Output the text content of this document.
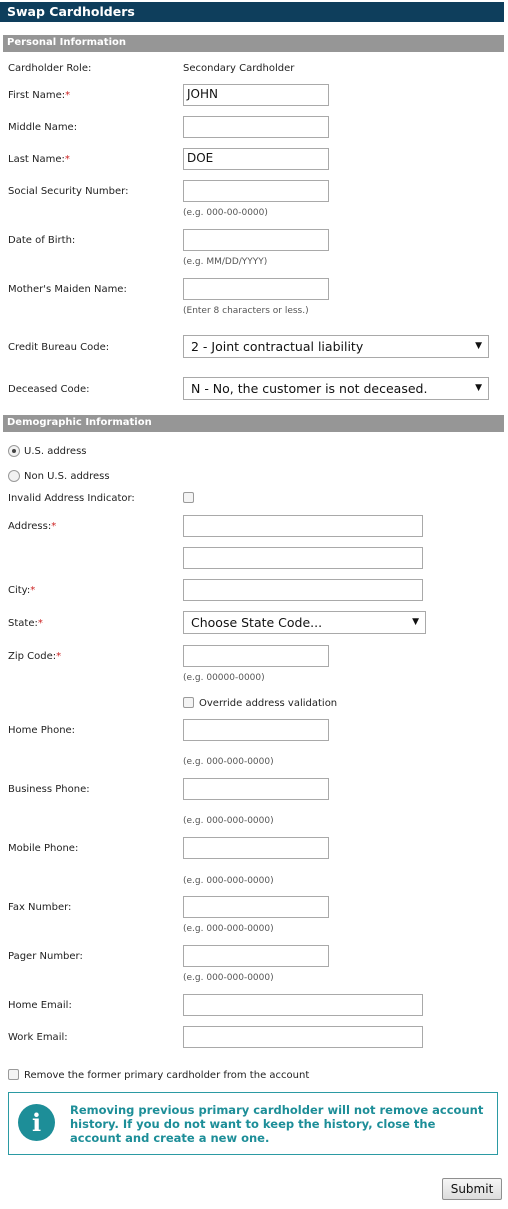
Swap Cardholders
Personal Information
Cardholder Role:	Secondary Cardholder
First Name:*	JOHN
Middle Name:
Last Name:*	DOE
Social Security Number:
(e.g. 000-00-0000)
Date of Birth:
(e.g. MM/DD/YYYY)
Mother's Maiden Name:
(Enter 8 characters or less.)
Credit Bureau Code:	2 - Joint contractual liability	▼
Deceased Code:	N - No, the customer is not deceased.	▼
Demographic Information
U.S. address
Non U.S. address
Invalid Address Indicator:
Address:*
City:*
State:*	Choose State Code...	▼
Zip Code:*
(e.g. 00000-0000)
Override address validation
Home Phone:
(e.g. 000-000-0000)
Business Phone:
(e.g. 000-000-0000)
Mobile Phone:
(e.g. 000-000-0000)
Fax Number:
(e.g. 000-000-0000)
Pager Number:
(e.g. 000-000-0000)
Home Email:
Work Email:
Remove the former primary cardholder from the account
i	Removing previous primary cardholder will not remove account history. If you do not want to keep the history, close the account and create a new one.
Submit
